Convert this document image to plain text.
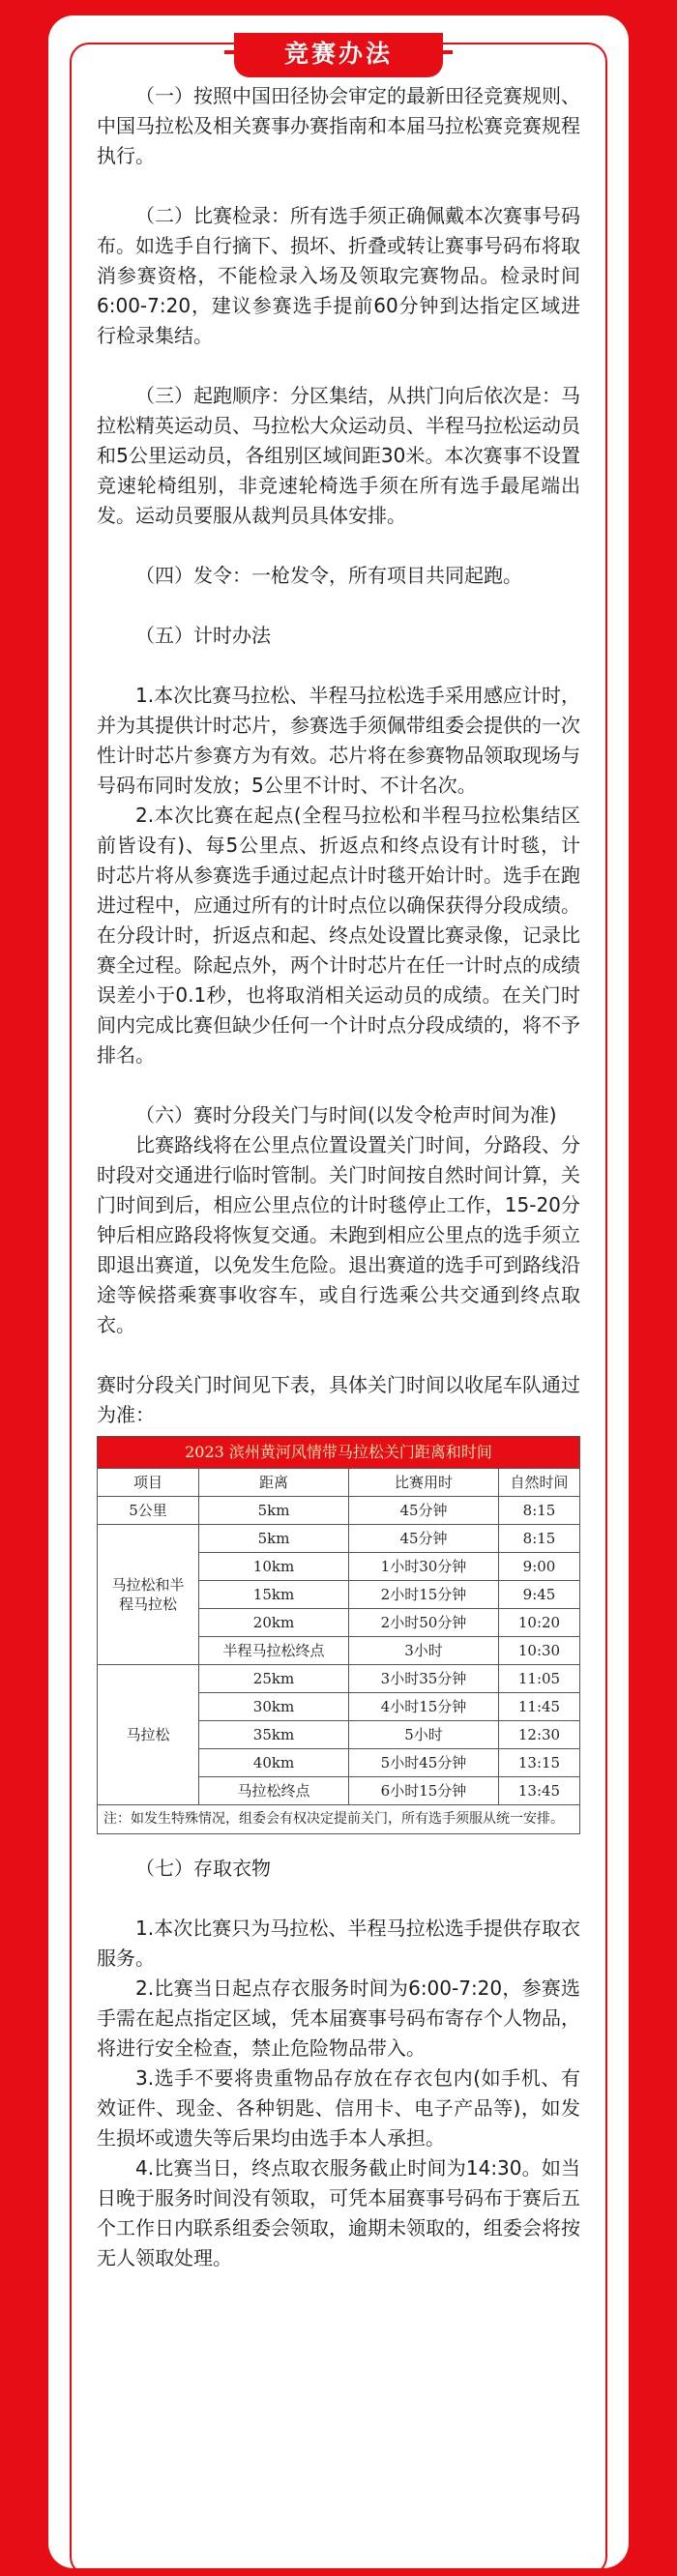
竞赛办法

（一）按照中国田径协会审定的最新田径竞赛规则、中国马拉松及相关赛事办赛指南和本届马拉松赛竞赛规程执行。

（二）比赛检录：所有选手须正确佩戴本次赛事号码布。如选手自行摘下、损坏、折叠或转让赛事号码布将取消参赛资格，不能检录入场及领取完赛物品。检录时间6:00-7:20，建议参赛选手提前60分钟到达指定区域进行检录集结。

（三）起跑顺序：分区集结，从拱门向后依次是：马拉松精英运动员、马拉松大众运动员、半程马拉松运动员和5公里运动员，各组别区域间距30米。本次赛事不设置竞速轮椅组别，非竞速轮椅选手须在所有选手最尾端出发。运动员要服从裁判员具体安排。

（四）发令：一枪发令，所有项目共同起跑。

（五）计时办法

1.本次比赛马拉松、半程马拉松选手采用感应计时，并为其提供计时芯片，参赛选手须佩带组委会提供的一次性计时芯片参赛方为有效。芯片将在参赛物品领取现场与号码布同时发放；5公里不计时、不计名次。

2.本次比赛在起点(全程马拉松和半程马拉松集结区前皆设有)、每5公里点、折返点和终点设有计时毯，计时芯片将从参赛选手通过起点计时毯开始计时。选手在跑进过程中，应通过所有的计时点位以确保获得分段成绩。在分段计时，折返点和起、终点处设置比赛录像，记录比赛全过程。除起点外，两个计时芯片在任一计时点的成绩误差小于0.1秒，也将取消相关运动员的成绩。在关门时间内完成比赛但缺少任何一个计时点分段成绩的，将不予排名。

（六）赛时分段关门与时间(以发令枪声时间为准)

比赛路线将在公里点位置设置关门时间，分路段、分时段对交通进行临时管制。关门时间按自然时间计算，关门时间到后，相应公里点位的计时毯停止工作，15-20分钟后相应路段将恢复交通。未跑到相应公里点的选手须立即退出赛道，以免发生危险。退出赛道的选手可到路线沿途等候搭乘赛事收容车，或自行选乘公共交通到终点取衣。

赛时分段关门时间见下表，具体关门时间以收尾车队通过为准：

2023 滨州黄河风情带马拉松关门距离和时间			
项目	距离	比赛用时	自然时间
5公里	5km	45分钟	8:15
马拉松和半程马拉松	5km	45分钟	8:15
	10km	1小时30分钟	9:00
	15km	2小时15分钟	9:45
	20km	2小时50分钟	10:20
	半程马拉松终点	3小时	10:30
马拉松	25km	3小时35分钟	11:05
	30km	4小时15分钟	11:45
	35km	5小时	12:30
	40km	5小时45分钟	13:15
	马拉松终点	6小时15分钟	13:45
注：如发生特殊情况，组委会有权决定提前关门，所有选手须服从统一安排。			

（七）存取衣物

1.本次比赛只为马拉松、半程马拉松选手提供存取衣服务。

2.比赛当日起点存衣服务时间为6:00-7:20，参赛选手需在起点指定区域，凭本届赛事号码布寄存个人物品，将进行安全检查，禁止危险物品带入。

3.选手不要将贵重物品存放在存衣包内(如手机、有效证件、现金、各种钥匙、信用卡、电子产品等)，如发生损坏或遗失等后果均由选手本人承担。

4.比赛当日，终点取衣服务截止时间为14:30。如当日晚于服务时间没有领取，可凭本届赛事号码布于赛后五个工作日内联系组委会领取，逾期未领取的，组委会将按无人领取处理。
